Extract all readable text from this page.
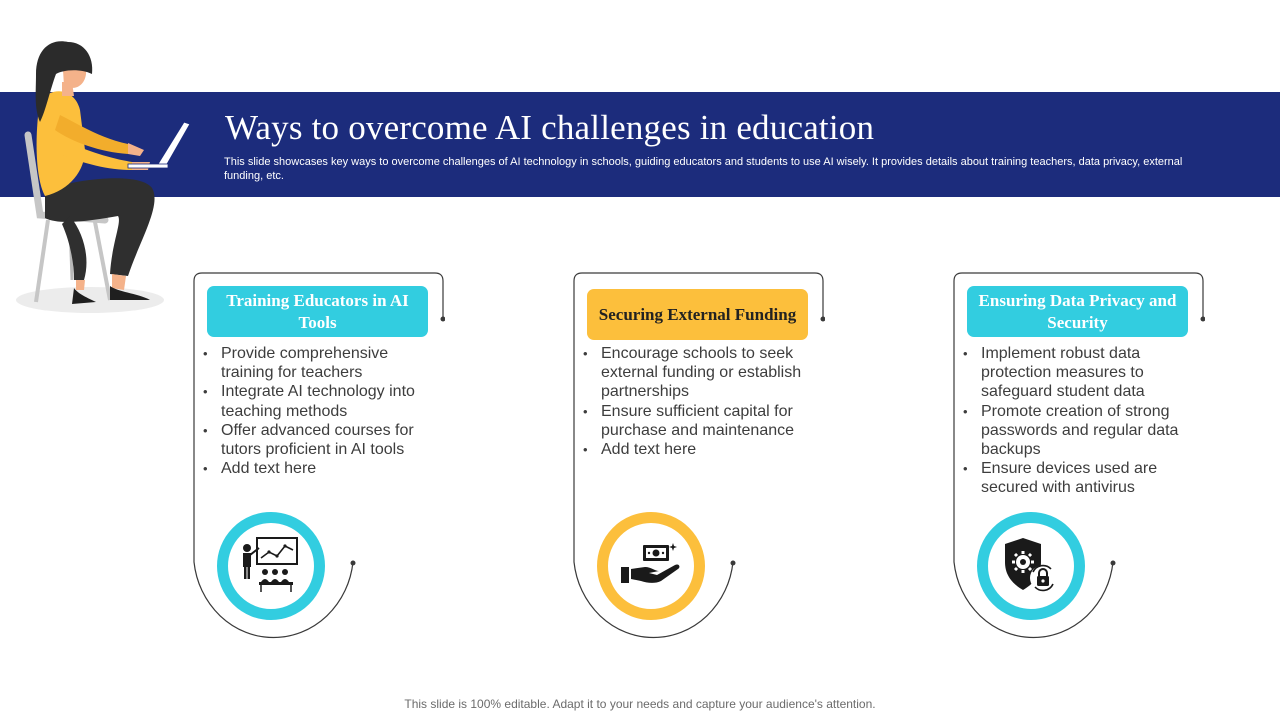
Ways to overcome AI challenges in education
This slide showcases key ways to overcome challenges of AI technology in schools, guiding educators and students to use AI wisely. It provides details about training teachers, data privacy, external funding, etc.
Training Educators in AI Tools
• Provide comprehensive training for teachers
• Integrate AI technology into teaching methods
• Offer advanced courses for tutors proficient in AI tools
• Add text here
Securing External Funding
• Encourage schools to seek external funding or establish partnerships
• Ensure sufficient capital for purchase and maintenance
• Add text here
Ensuring Data Privacy and Security
• Implement robust data protection measures to safeguard student data
• Promote creation of strong passwords and regular data backups
• Ensure devices used are secured with antivirus
This slide is 100% editable. Adapt it to your needs and capture your audience's attention.
